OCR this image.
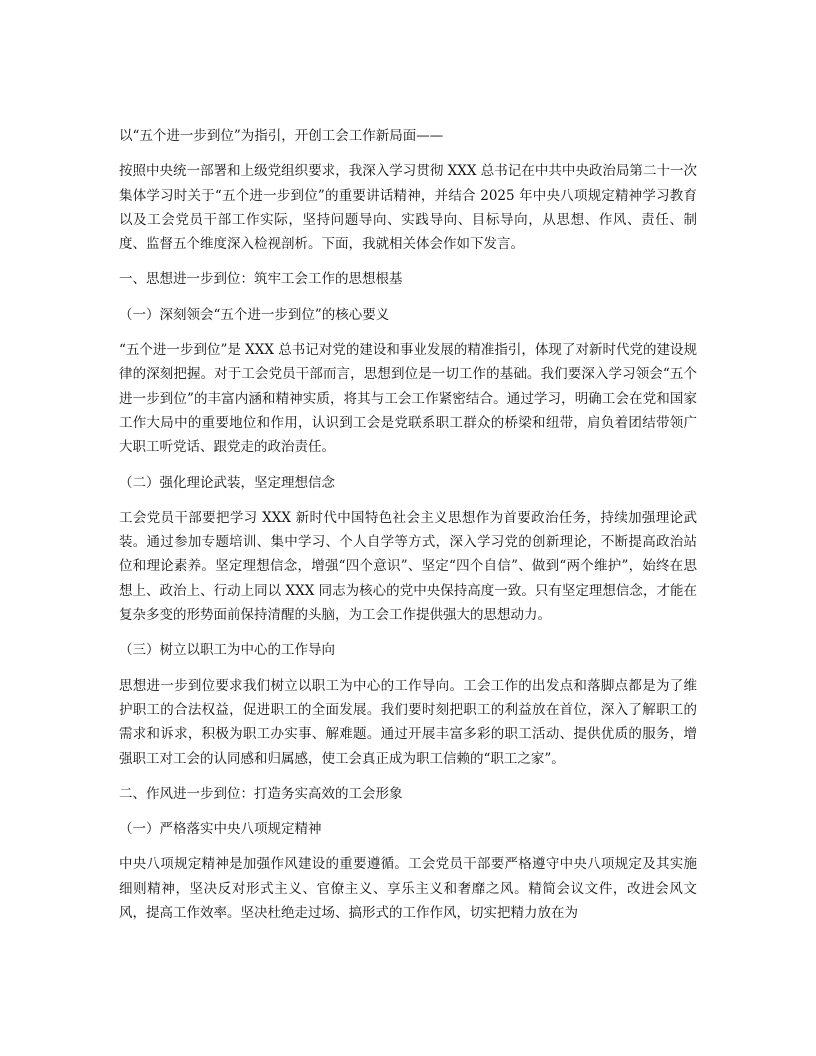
以“五个进一步到位”为指引，开创工会工作新局面——

按照中央统一部署和上级党组织要求，我深入学习贯彻 XXX 总书记在中共中央政治局第二十一次集体学习时关于“五个进一步到位”的重要讲话精神，并结合 2025 年中央八项规定精神学习教育以及工会党员干部工作实际，坚持问题导向、实践导向、目标导向，从思想、作风、责任、制度、监督五个维度深入检视剖析。下面，我就相关体会作如下发言。

一、思想进一步到位：筑牢工会工作的思想根基

（一）深刻领会“五个进一步到位”的核心要义

“五个进一步到位”是 XXX 总书记对党的建设和事业发展的精准指引，体现了对新时代党的建设规律的深刻把握。对于工会党员干部而言，思想到位是一切工作的基础。我们要深入学习领会“五个进一步到位”的丰富内涵和精神实质，将其与工会工作紧密结合。通过学习，明确工会在党和国家工作大局中的重要地位和作用，认识到工会是党联系职工群众的桥梁和纽带，肩负着团结带领广大职工听党话、跟党走的政治责任。

（二）强化理论武装，坚定理想信念

工会党员干部要把学习 XXX 新时代中国特色社会主义思想作为首要政治任务，持续加强理论武装。通过参加专题培训、集中学习、个人自学等方式，深入学习党的创新理论，不断提高政治站位和理论素养。坚定理想信念，增强“四个意识”、坚定“四个自信”、做到“两个维护”，始终在思想上、政治上、行动上同以 XXX 同志为核心的党中央保持高度一致。只有坚定理想信念，才能在复杂多变的形势面前保持清醒的头脑，为工会工作提供强大的思想动力。

（三）树立以职工为中心的工作导向

思想进一步到位要求我们树立以职工为中心的工作导向。工会工作的出发点和落脚点都是为了维护职工的合法权益，促进职工的全面发展。我们要时刻把职工的利益放在首位，深入了解职工的需求和诉求，积极为职工办实事、解难题。通过开展丰富多彩的职工活动、提供优质的服务，增强职工对工会的认同感和归属感，使工会真正成为职工信赖的“职工之家”。

二、作风进一步到位：打造务实高效的工会形象

（一）严格落实中央八项规定精神

中央八项规定精神是加强作风建设的重要遵循。工会党员干部要严格遵守中央八项规定及其实施细则精神，坚决反对形式主义、官僚主义、享乐主义和奢靡之风。精简会议文件，改进会风文风，提高工作效率。坚决杜绝走过场、搞形式的工作作风，切实把精力放在为
